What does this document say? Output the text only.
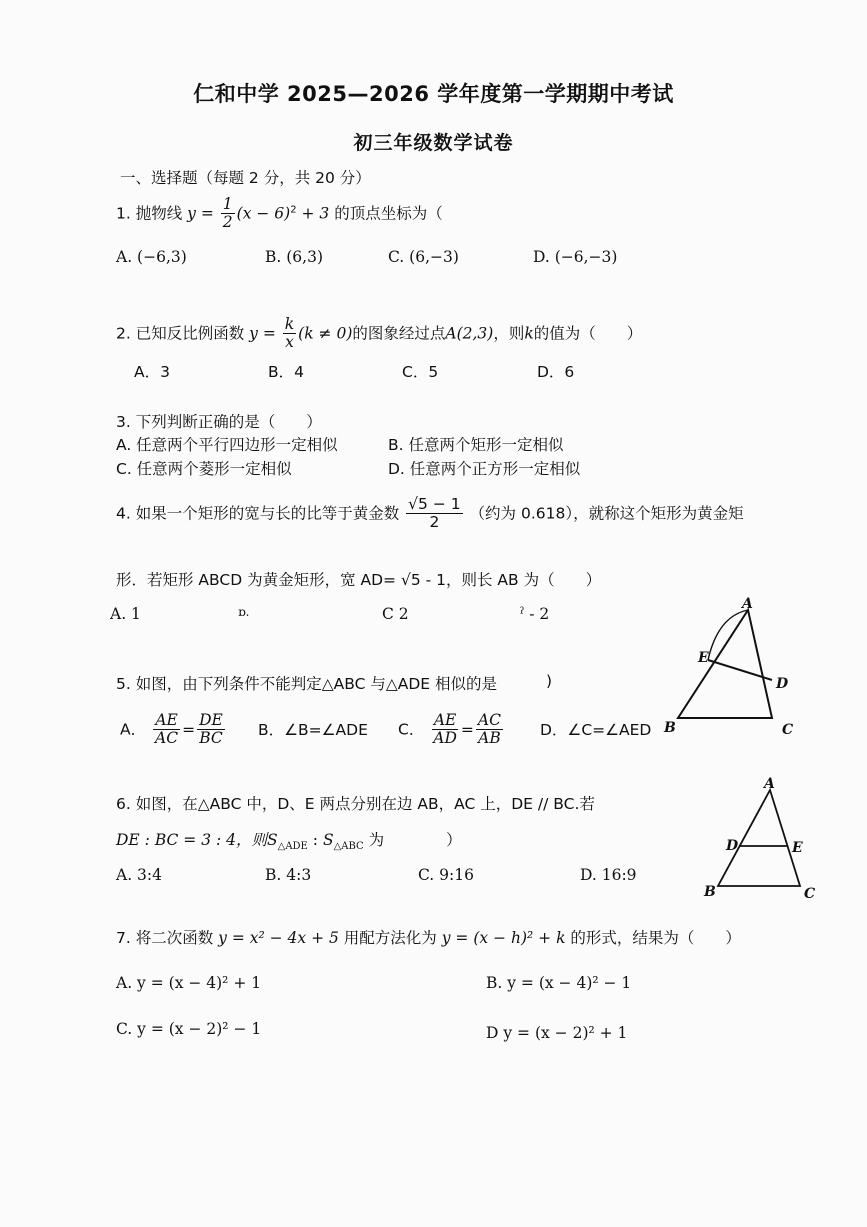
仁和中学 2025—2026 学年度第一学期期中考试
初三年级数学试卷
一、选择题（每题 2 分，共 20 分）
1. 抛物线 $y = \frac{1}{2} (x - 6)^2 + 3$ 的顶点坐标为（
A. (−6,3)	B. (6,3)	C. (6,−3)	D. (−6,−3)
2. 已知反比例函数 $y = \frac{k}{x} (k \ne 0)$的图象经过点A(2,3)，则k的值为（　　）
A．3	B．4	C．5	D．6
3. 下列判断正确的是（　　）
A. 任意两个平行四边形一定相似	B. 任意两个矩形一定相似
C. 任意两个菱形一定相似	D. 任意两个正方形一定相似
4. 如果一个矩形的宽与长的比等于黄金数 $\frac{√5 - 1}{2}$ （约为 0.618），就称这个矩形为黄金矩
形．若矩形 ABCD 为黄金矩形，宽 AD= √5 - 1，则长 AB 为（　　）
A. 1	ɒ.	C 2	ˀ - 2
5. 如图，由下列条件不能判定△ABC 与△ADE 相似的是	)
A． $\frac{AE}{AC} = \frac{DE}{BC}$ B．∠B=∠ADE C． $\frac{AE}{AD} = \frac{AC}{AB}$ D．∠C=∠AED
A
E
D
B	C
6. 如图，在△ABC 中，D、E 两点分别在边 AB，AC 上，DE // BC.若
DE : BC = 3 : 4，则$S_{\triangle ADE}$ : $S_{\triangle ABC}$ 为　　　　）
A. 3:4	B. 4:3	C. 9:16	D. 16:9
A
D	E
B	C
7. 将二次函数 y = x² − 4x + 5 用配方法化为 y = (x − h)² + k 的形式，结果为（　　）
A. y = (x − 4)² + 1	B. y = (x − 4)² − 1
C. y = (x − 2)² − 1	D y = (x − 2)² + 1
